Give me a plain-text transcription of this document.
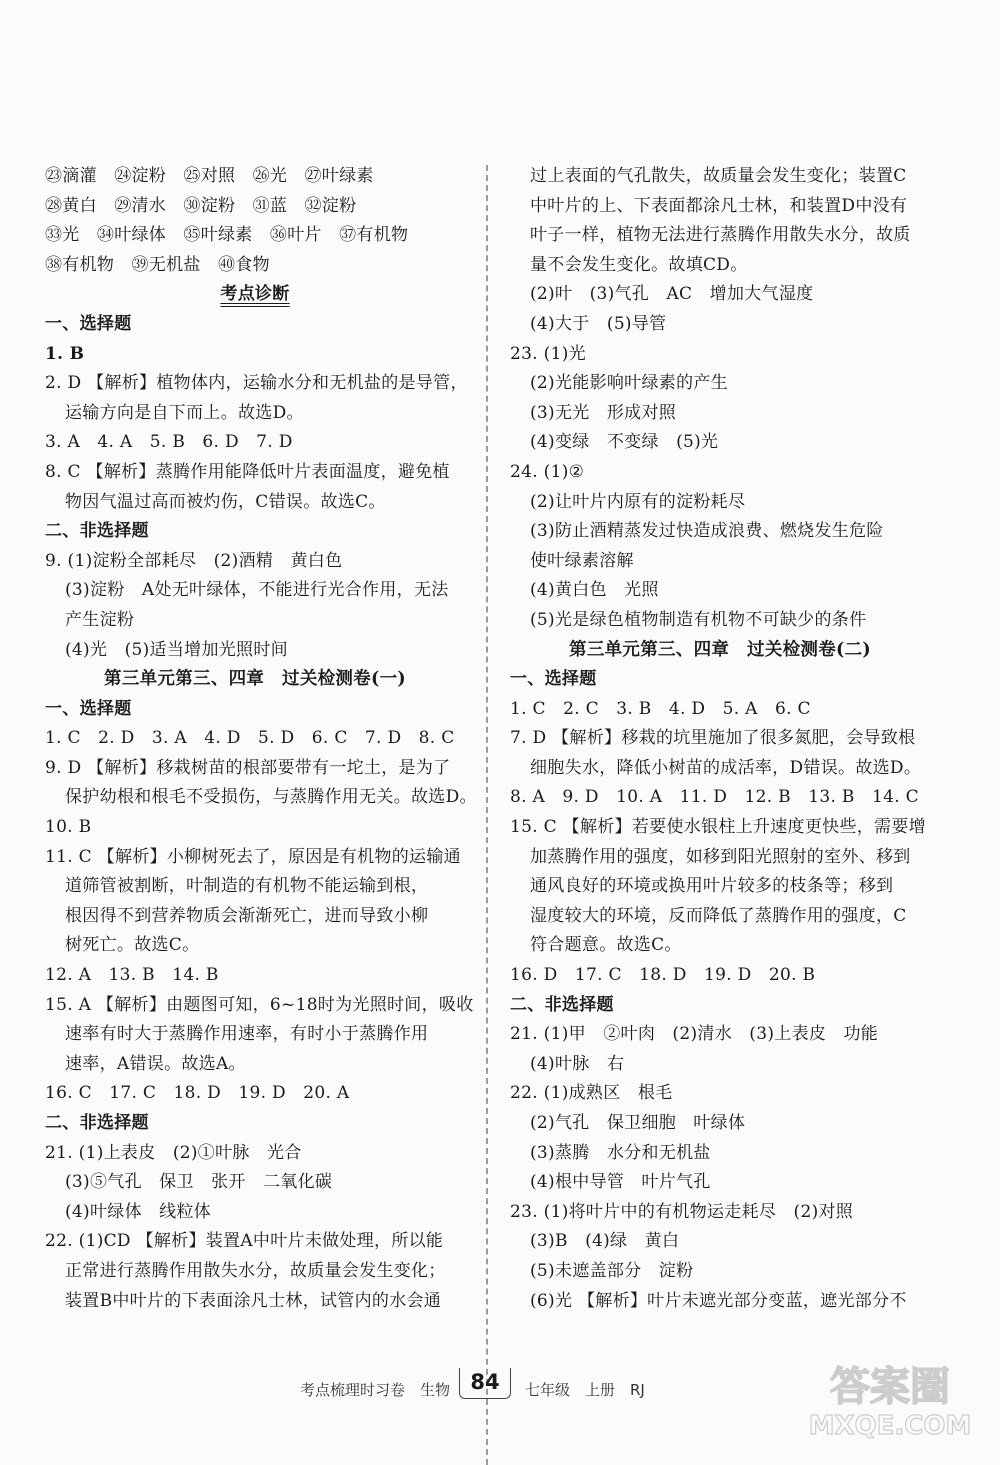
㉓滴灌　㉔淀粉　㉕对照　㉖光　㉗叶绿素
㉘黄白　㉙清水　㉚淀粉　㉛蓝　㉜淀粉
㉝光　㉞叶绿体　㉟叶绿素　㊱叶片　㊲有机物
㊳有机物　㊴无机盐　㊵食物
考点诊断
一、选择题
1. B
2. D 【解析】植物体内，运输水分和无机盐的是导管，
运输方向是自下而上。故选D。
3. A　4. A　5. B　6. D　7. D
8. C 【解析】蒸腾作用能降低叶片表面温度，避免植
物因气温过高而被灼伤，C错误。故选C。
二、非选择题
9. (1)淀粉全部耗尽　(2)酒精　黄白色
(3)淀粉　A处无叶绿体，不能进行光合作用，无法
产生淀粉
(4)光　(5)适当增加光照时间
第三单元第三、四章　过关检测卷(一)
一、选择题
1. C　2. D　3. A　4. D　5. D　6. C　7. D　8. C
9. D 【解析】移栽树苗的根部要带有一坨土，是为了
保护幼根和根毛不受损伤，与蒸腾作用无关。故选D。
10. B
11. C 【解析】小柳树死去了，原因是有机物的运输通
道筛管被割断，叶制造的有机物不能运输到根，
根因得不到营养物质会渐渐死亡，进而导致小柳
树死亡。故选C。
12. A　13. B　14. B
15. A 【解析】由题图可知，6~18时为光照时间，吸收
速率有时大于蒸腾作用速率，有时小于蒸腾作用
速率，A错误。故选A。
16. C　17. C　18. D　19. D　20. A
二、非选择题
21. (1)上表皮　(2)①叶脉　光合
(3)⑤气孔　保卫　张开　二氧化碳
(4)叶绿体　线粒体
22. (1)CD 【解析】装置A中叶片未做处理，所以能
正常进行蒸腾作用散失水分，故质量会发生变化；
装置B中叶片的下表面涂凡士林，试管内的水会通
过上表面的气孔散失，故质量会发生变化；装置C
中叶片的上、下表面都涂凡士林，和装置D中没有
叶子一样，植物无法进行蒸腾作用散失水分，故质
量不会发生变化。故填CD。
(2)叶　(3)气孔　AC　增加大气湿度
(4)大于　(5)导管
23. (1)光
(2)光能影响叶绿素的产生
(3)无光　形成对照
(4)变绿　不变绿　(5)光
24. (1)②
(2)让叶片内原有的淀粉耗尽
(3)防止酒精蒸发过快造成浪费、燃烧发生危险
使叶绿素溶解
(4)黄白色　光照
(5)光是绿色植物制造有机物不可缺少的条件
第三单元第三、四章　过关检测卷(二)
一、选择题
1. C　2. C　3. B　4. D　5. A　6. C
7. D 【解析】移栽的坑里施加了很多氮肥，会导致根
细胞失水，降低小树苗的成活率，D错误。故选D。
8. A　9. D　10. A　11. D　12. B　13. B　14. C
15. C 【解析】若要使水银柱上升速度更快些，需要增
加蒸腾作用的强度，如移到阳光照射的室外、移到
通风良好的环境或换用叶片较多的枝条等；移到
湿度较大的环境，反而降低了蒸腾作用的强度，C
符合题意。故选C。
16. D　17. C　18. D　19. D　20. B
二、非选择题
21. (1)甲　②叶肉　(2)清水　(3)上表皮　功能
(4)叶脉　右
22. (1)成熟区　根毛
(2)气孔　保卫细胞　叶绿体
(3)蒸腾　水分和无机盐
(4)根中导管　叶片气孔
23. (1)将叶片中的有机物运走耗尽　(2)对照
(3)B　(4)绿　黄白
(5)未遮盖部分　淀粉
(6)光 【解析】叶片未遮光部分变蓝，遮光部分不
考点梳理时习卷　生物	七年级　上册　RJ
84	答案圈
MXQE.COM
